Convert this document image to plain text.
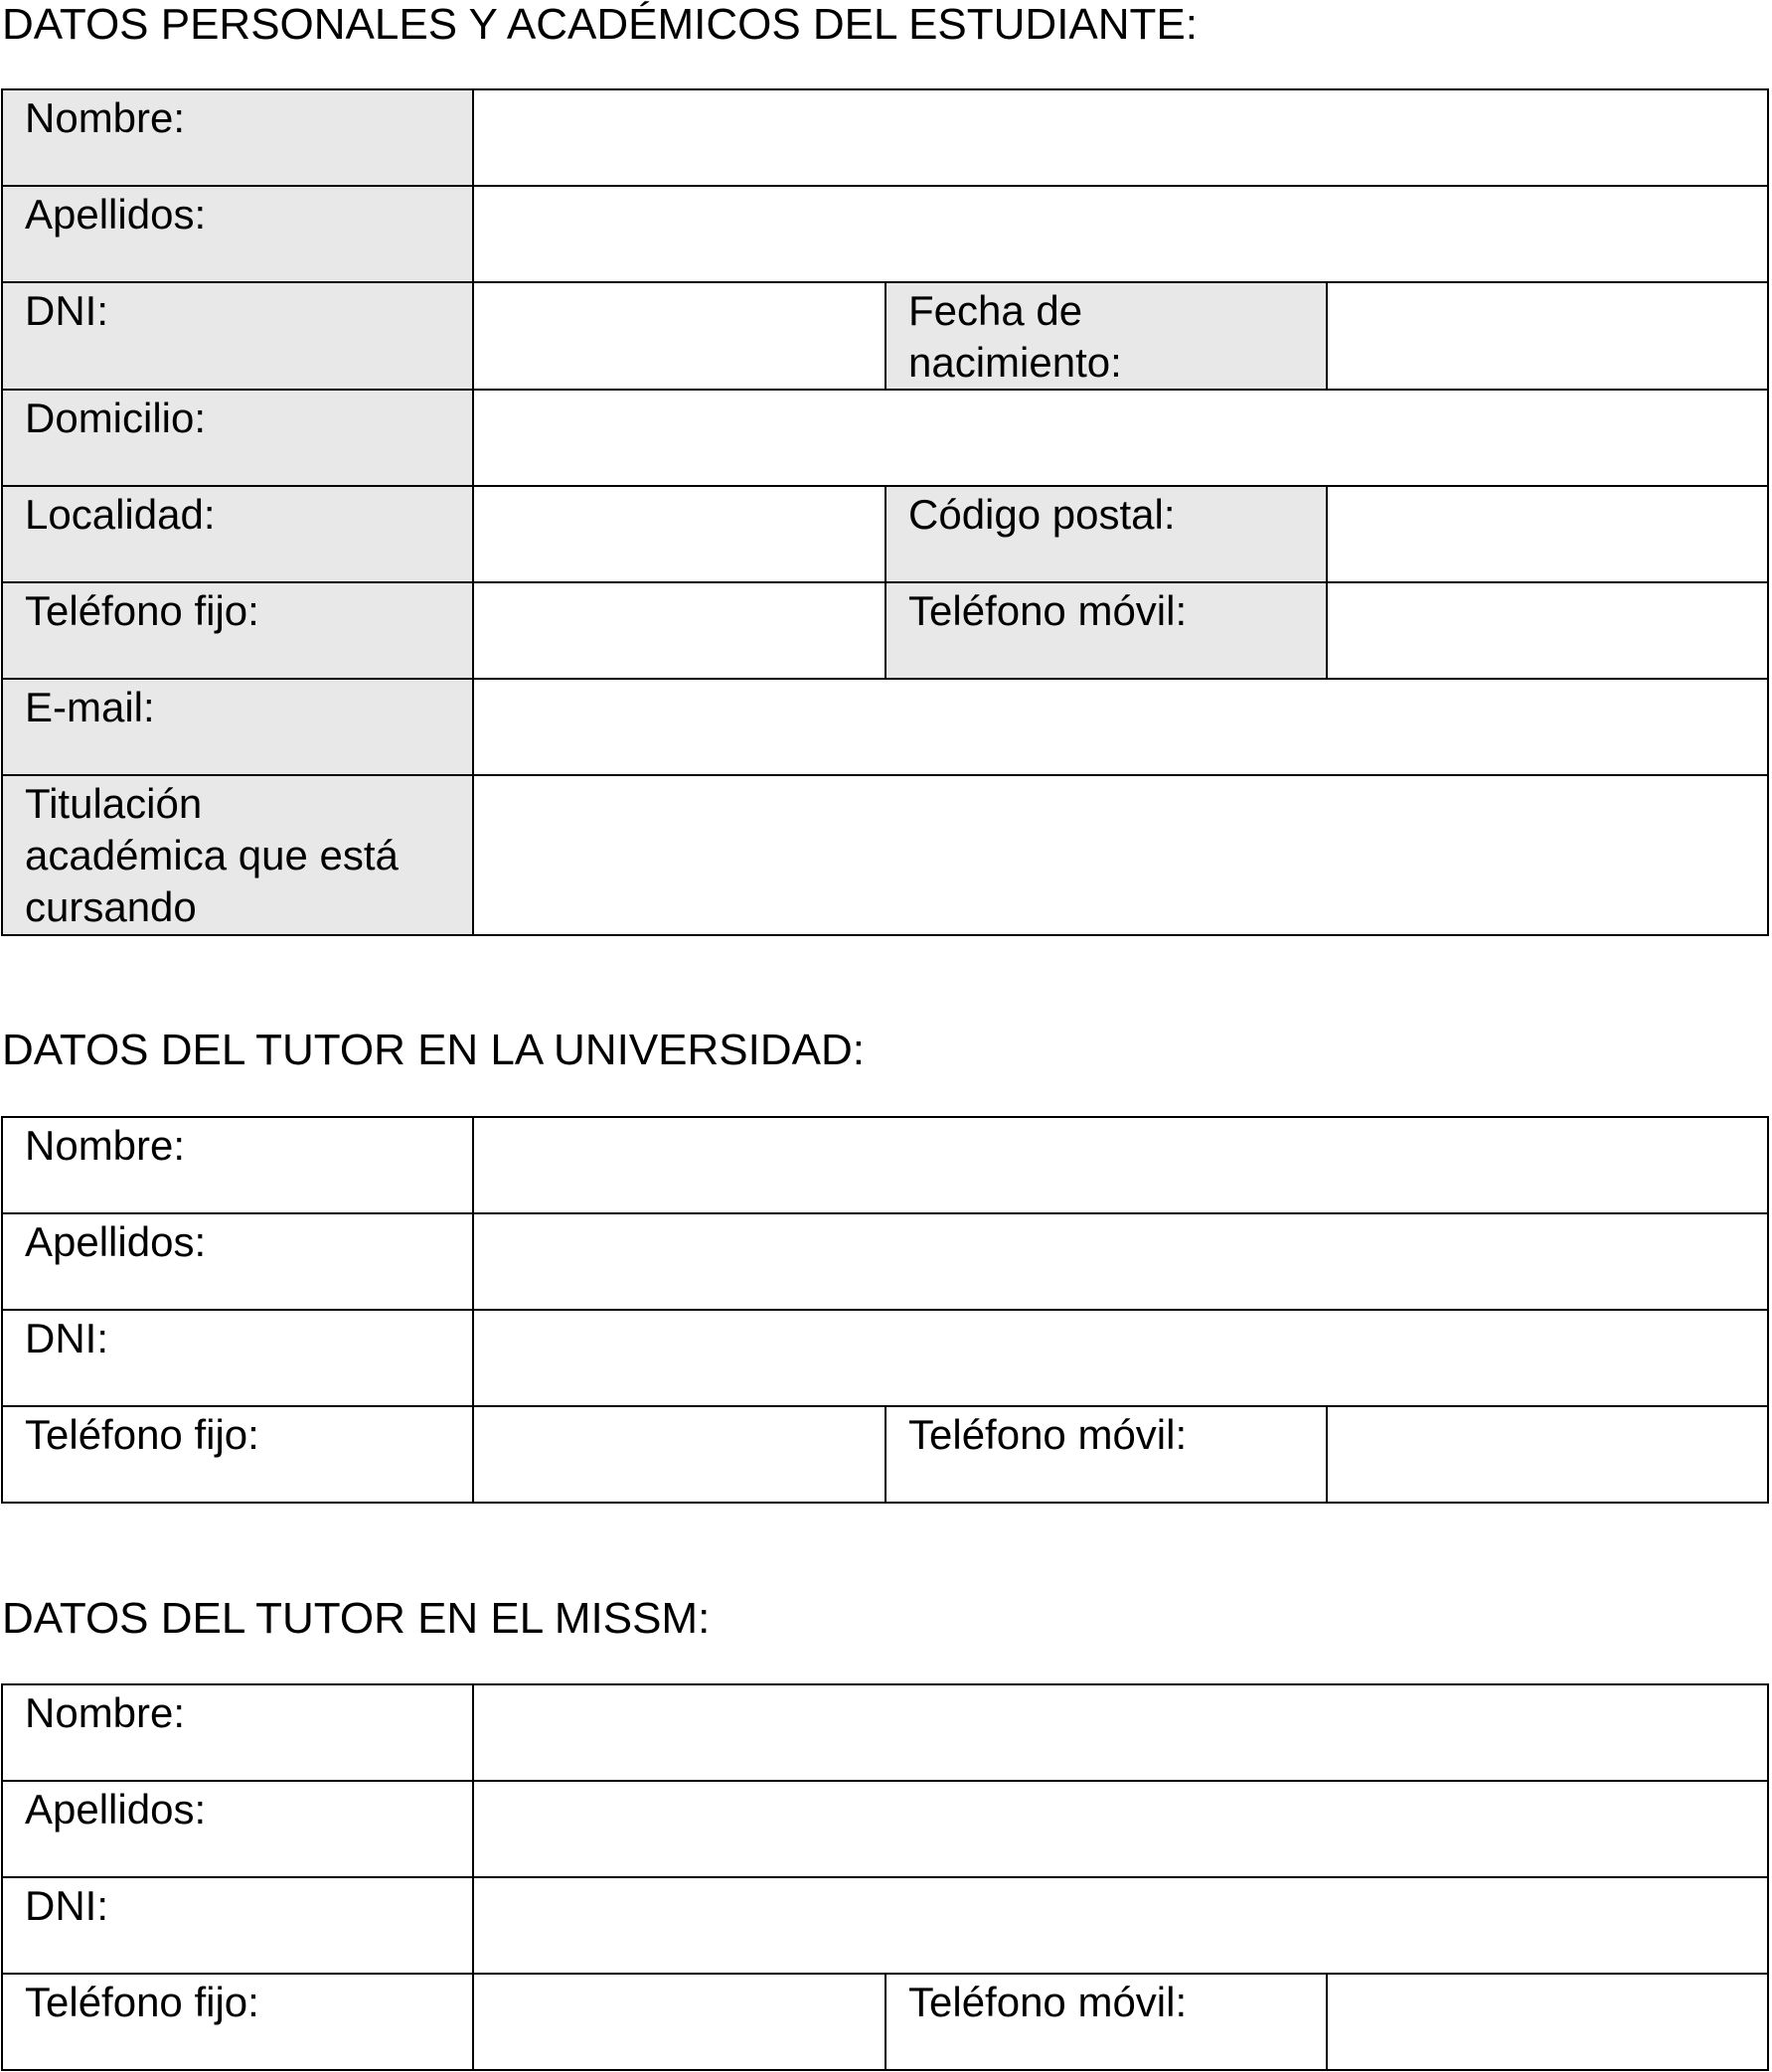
DATOS PERSONALES Y ACADÉMICOS DEL ESTUDIANTE:
Nombre:			
Apellidos:			
DNI:		Fecha de
nacimiento:	
Domicilio:			
Localidad:		Código postal:	
Teléfono fijo:		Teléfono móvil:	
E-mail:			
Titulación
académica que está
cursando			
DATOS DEL TUTOR EN LA UNIVERSIDAD:
Nombre:			
Apellidos:			
DNI:			
Teléfono fijo:		Teléfono móvil:	
DATOS DEL TUTOR EN EL MISSM:
Nombre:			
Apellidos:			
DNI:			
Teléfono fijo:		Teléfono móvil:	
